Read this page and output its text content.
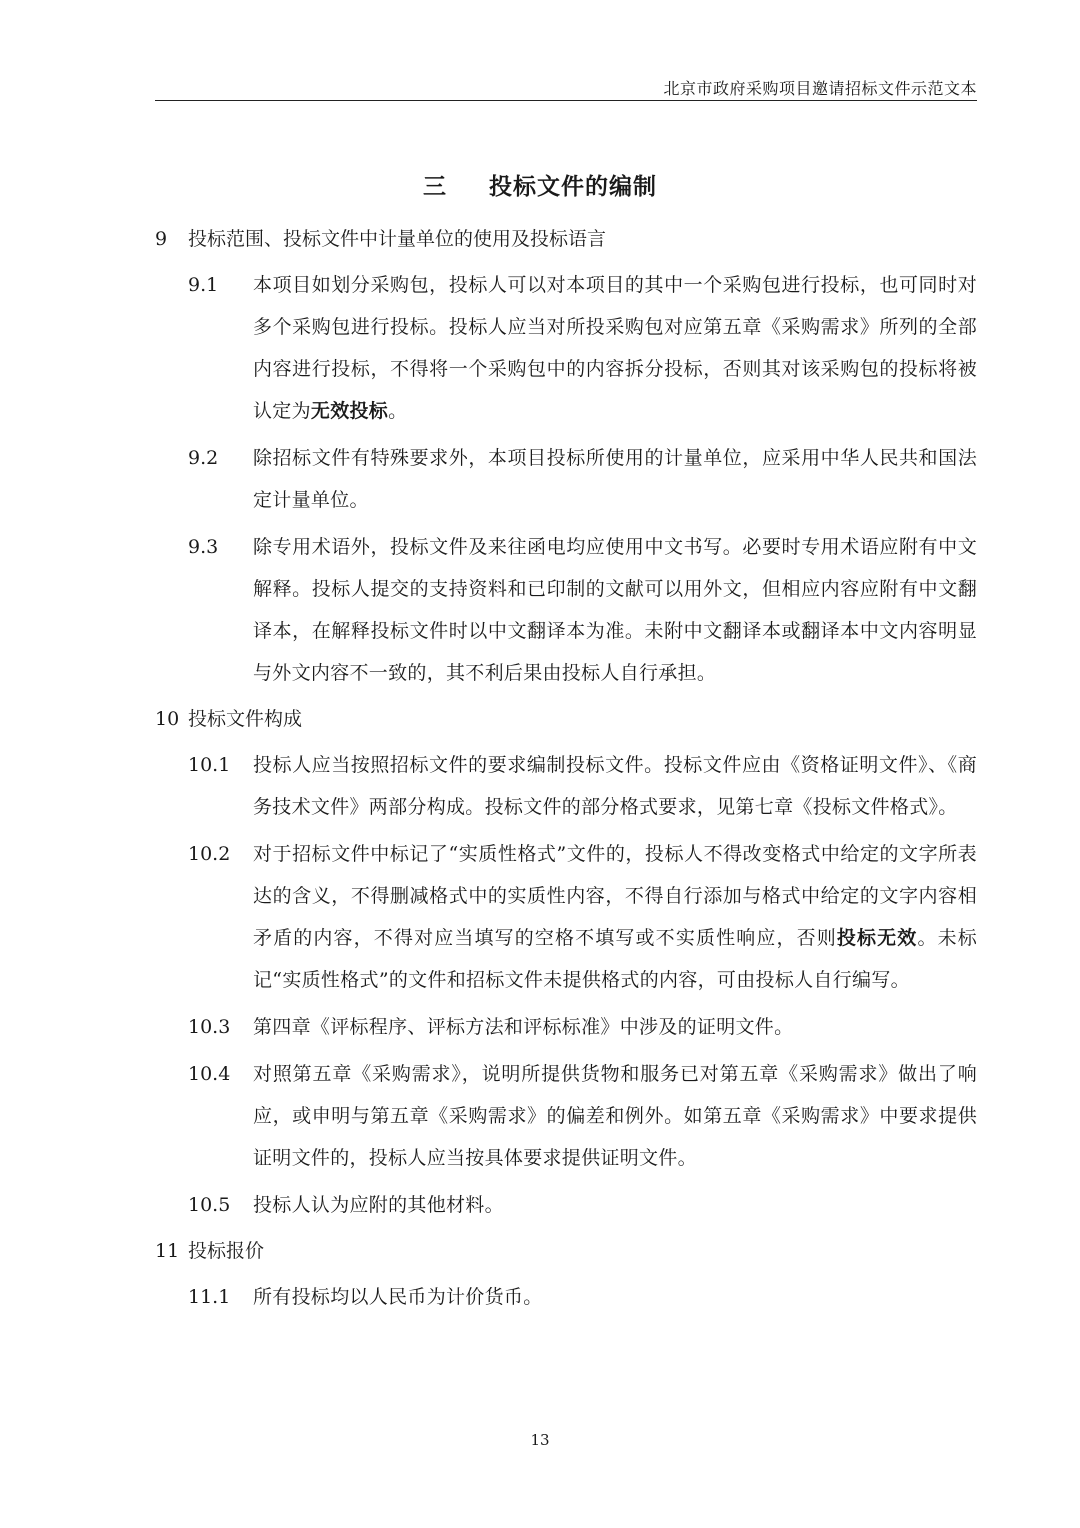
北京市政府采购项目邀请招标文件示范文本
三 投标文件的编制
9	投标范围、投标文件中计量单位的使用及投标语言
9.1	本项目如划分采购包，投标人可以对本项目的其中一个采购包进行投标，也可同时对多个采购包进行投标。投标人应当对所投采购包对应第五章《采购需求》所列的全部内容进行投标，不得将一个采购包中的内容拆分投标，否则其对该采购包的投标将被认定为无效投标。
9.2	除招标文件有特殊要求外，本项目投标所使用的计量单位，应采用中华人民共和国法定计量单位。
9.3	除专用术语外，投标文件及来往函电均应使用中文书写。必要时专用术语应附有中文解释。投标人提交的支持资料和已印制的文献可以用外文，但相应内容应附有中文翻译本，在解释投标文件时以中文翻译本为准。未附中文翻译本或翻译本中文内容明显与外文内容不一致的，其不利后果由投标人自行承担。
10 投标文件构成
10.1	投标人应当按照招标文件的要求编制投标文件。投标文件应由《资格证明文件》、《商务技术文件》两部分构成。投标文件的部分格式要求，见第七章《投标文件格式》。
10.2	对于招标文件中标记了“实质性格式”文件的，投标人不得改变格式中给定的文字所表达的含义，不得删减格式中的实质性内容，不得自行添加与格式中给定的文字内容相矛盾的内容，不得对应当填写的空格不填写或不实质性响应，否则投标无效。未标记“实质性格式”的文件和招标文件未提供格式的内容，可由投标人自行编写。
10.3	第四章《评标程序、评标方法和评标标准》中涉及的证明文件。
10.4	对照第五章《采购需求》，说明所提供货物和服务已对第五章《采购需求》做出了响应，或申明与第五章《采购需求》的偏差和例外。如第五章《采购需求》中要求提供证明文件的，投标人应当按具体要求提供证明文件。
10.5	投标人认为应附的其他材料。
11 投标报价
11.1	所有投标均以人民币为计价货币。
13
